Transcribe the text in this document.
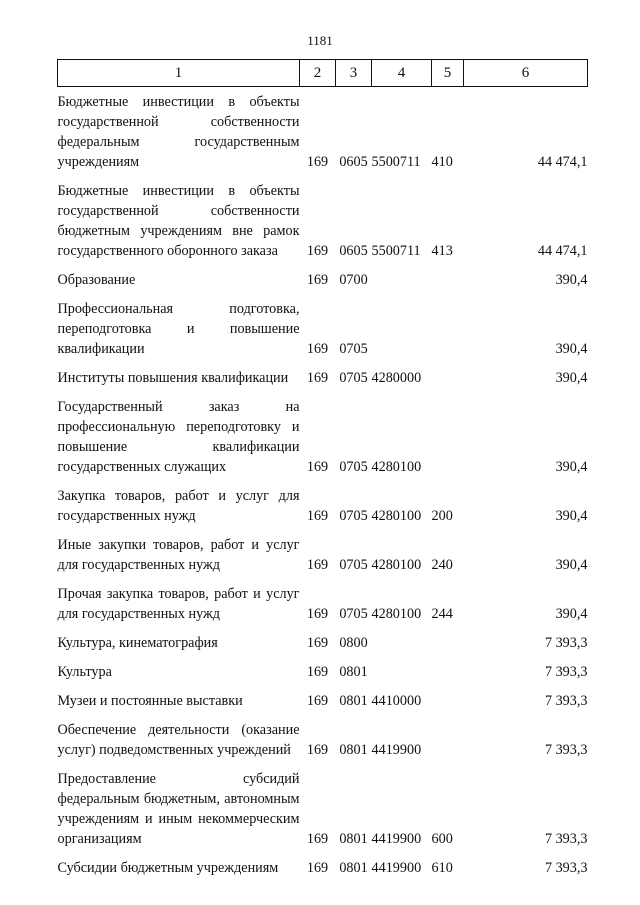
1181
1	2	3	4	5	6
Бюджетные инвестиции в объекты государственной собственности федеральным государственным учреждениям	169	0605	5500711	410	44 474,1
Бюджетные инвестиции в объекты государственной собственности бюджетным учреждениям вне рамок государственного оборонного заказа	169	0605	5500711	413	44 474,1
Образование	169	0700			390,4
Профессиональная подготовка, переподготовка и повышение квалификации	169	0705			390,4
Институты повышения квалификации	169	0705	4280000		390,4
Государственный заказ на профессиональную переподготовку и повышение квалификации государственных служащих	169	0705	4280100		390,4
Закупка товаров, работ и услуг для государственных нужд	169	0705	4280100	200	390,4
Иные закупки товаров, работ и услуг для государственных нужд	169	0705	4280100	240	390,4
Прочая закупка товаров, работ и услуг для государственных нужд	169	0705	4280100	244	390,4
Культура, кинематография	169	0800			7 393,3
Культура	169	0801			7 393,3
Музеи и постоянные выставки	169	0801	4410000		7 393,3
Обеспечение деятельности (оказание услуг) подведомственных учреждений	169	0801	4419900		7 393,3
Предоставление субсидий федеральным бюджетным, автономным учреждениям и иным некоммерческим организациям	169	0801	4419900	600	7 393,3
Субсидии бюджетным учреждениям	169	0801	4419900	610	7 393,3
